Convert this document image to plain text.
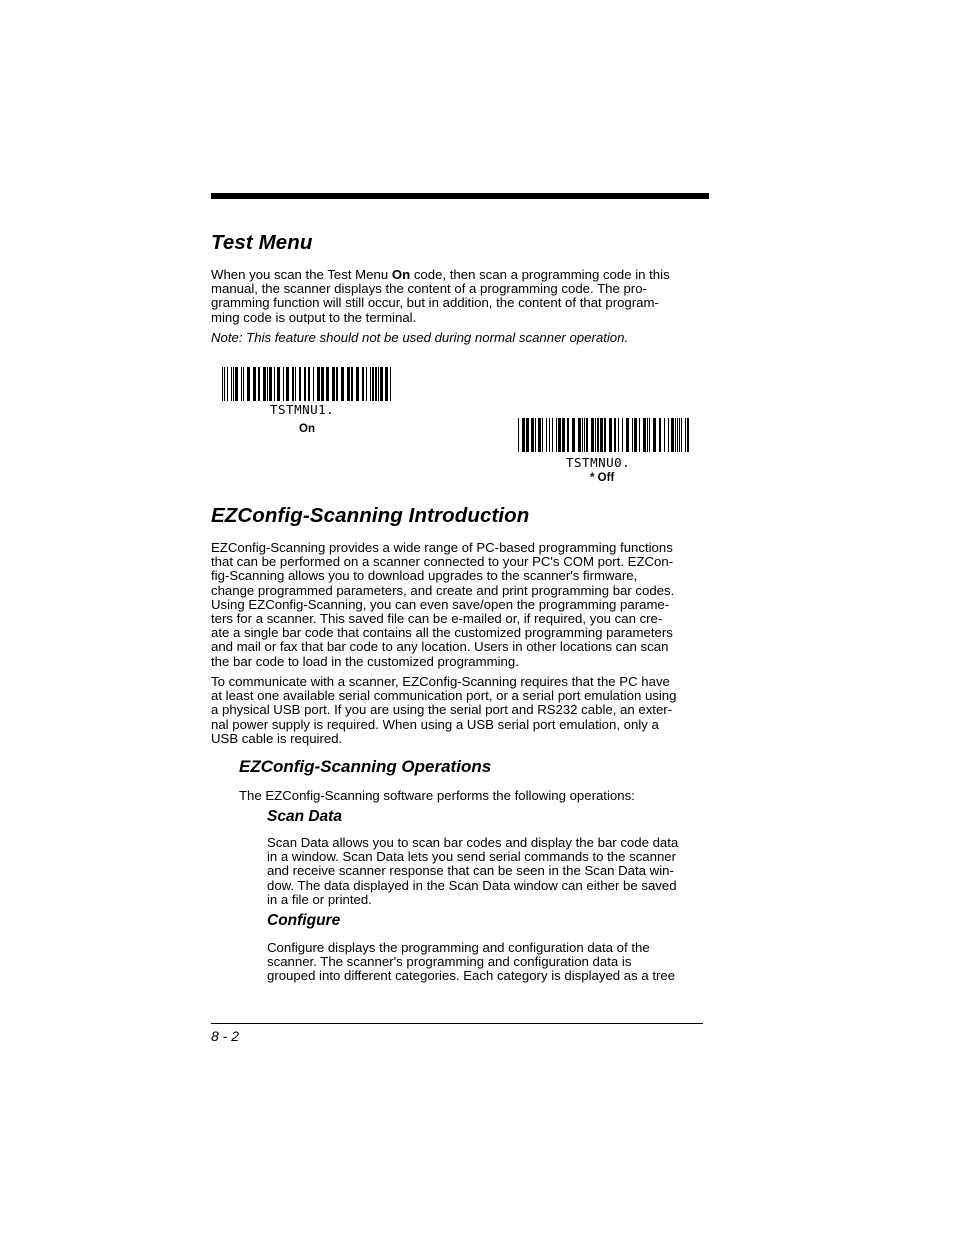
Test Menu
When you scan the Test Menu On code, then scan a programming code in this
manual, the scanner displays the content of a programming code. The pro-
gramming function will still occur, but in addition, the content of that program-
ming code is output to the terminal.
Note: This feature should not be used during normal scanner operation.
TSTMNU1.
On
TSTMNU0.
* Off
EZConfig-Scanning Introduction
EZConfig-Scanning provides a wide range of PC-based programming functions
that can be performed on a scanner connected to your PC's COM port. EZCon-
fig-Scanning allows you to download upgrades to the scanner's firmware,
change programmed parameters, and create and print programming bar codes.
Using EZConfig-Scanning, you can even save/open the programming parame-
ters for a scanner. This saved file can be e-mailed or, if required, you can cre-
ate a single bar code that contains all the customized programming parameters
and mail or fax that bar code to any location. Users in other locations can scan
the bar code to load in the customized programming.
To communicate with a scanner, EZConfig-Scanning requires that the PC have
at least one available serial communication port, or a serial port emulation using
a physical USB port. If you are using the serial port and RS232 cable, an exter-
nal power supply is required. When using a USB serial port emulation, only a
USB cable is required.
EZConfig-Scanning Operations
The EZConfig-Scanning software performs the following operations:
Scan Data
Scan Data allows you to scan bar codes and display the bar code data
in a window. Scan Data lets you send serial commands to the scanner
and receive scanner response that can be seen in the Scan Data win-
dow. The data displayed in the Scan Data window can either be saved
in a file or printed.
Configure
Configure displays the programming and configuration data of the
scanner. The scanner's programming and configuration data is
grouped into different categories. Each category is displayed as a tree
8 - 2
